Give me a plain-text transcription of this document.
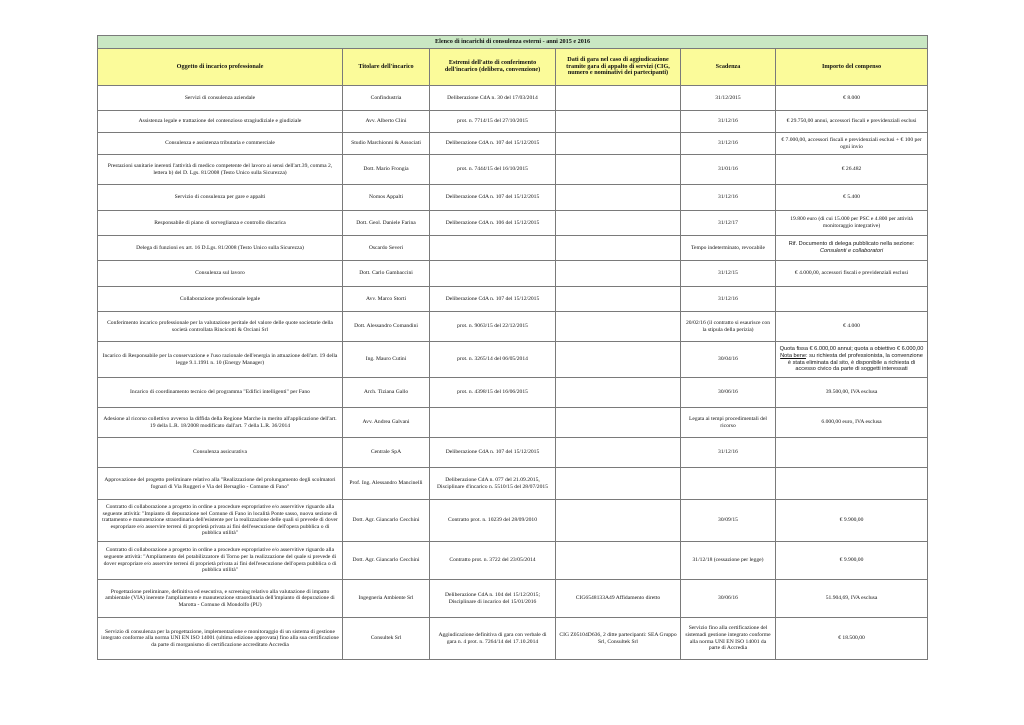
Elenco di incarichi di consulenza esterni - anni 2015 e 2016					
Oggetto di incarico professionale	Titolare dell'incarico	Estremi dell'atto di conferimento dell'incarico (delibera, convenzione)	Dati di gara nel caso di aggiudicazione tramite gara di appalto di servizi (CIG, numero e nominativi dei partecipanti)	Scadenza	Importo del compenso
Servizi di consulenza aziendale	Confindustria	Deliberazione CdA n. 30 del 17/03/2014		31/12/2015	€ 8.000
Assistenza legale e trattazione del contenzioso stragiudiziale e giudiziale	Avv. Alberto Clini	prot. n. 7714/15 del 27/10/2015		31/12/16	€ 29.750,00 annui, accessori fiscali e previdenziali esclusi
Consulenza e assistenza tributaria e commerciale	Studio Marchionni & Associati	Deliberazione CdA n. 107 del 15/12/2015		31/12/16	€ 7.000,00, accessori fiscali e previdenziali esclusi + € 100 per ogni invio
Prestazioni sanitarie inerenti l'attività di medico competente del lavoro ai sensi dell'art.39, comma 2, lettera b) del D. Lgs. 81/2008 (Testo Unico sulla Sicurezza)	Dott. Mario Frongia	prot. n. 7444/15 del 16/10/2015		31/01/16	€ 26.482
Servizio di consulenza per gare e appalti	Nomos Appalti	Deliberazione CdA n. 107 del 15/12/2015		31/12/16	€ 5.400
Responsabile di piano di sorveglianza e controllo discarica	Dott. Geol. Daniele Farina	Deliberazione CdA n. 106 del 15/12/2015		31/12/17	19.800 euro (di cui 15.000 per PSC e 4.800 per attività monitoraggio integrative)
Delega di funzioni ex art. 16 D.Lgs. 81/2008 (Testo Unico sulla Sicurezza)	Oscardo Severi			Tempo indeterminato, revocabile	Rif. Documento di delega pubblicato nella sezione:
Consulenti e collaboratori

Consulenza sul lavoro	Dott. Carlo Gambaccini			31/12/15	€ 4.000,00, accessori fiscali e previdenziali esclusi
Collaborazione professionale legale	Avv. Marco Storti	Deliberazione CdA n. 107 del 15/12/2015		31/12/16	
Conferimento incarico professionale per la valutazione peritale del valore delle quote societarie della società controllata Rincicotti & Orciani Srl	Dott. Alessandro Comandini	prot. n. 9063/15 del 22/12/2015		20/02/16 (il contratto si esaurisce con la stipula della perizia)	€ 4.000
Incarico di Responsabile per la conservazione e l'uso razionale dell'energia in attuazione dell'art. 19 della legge 9.1.1991 n. 10 (Energy Manager)	Ing. Mauro Cutini	prot. n. 3265/14 del 06/05/2014		30/04/16	Quota fissa € 6.000,00 annui; quota a obiettivo € 6.000,00
Nota bene: su richiesta del professionista, la convenzione è stata eliminata dal sito, è disponibile a richiesta di accesso civico da parte di soggetti interessati

Incarico di coordinamento tecnico del programma "Edifici intelligenti" per Fano	Arch. Tiziana Gallo	prot. n. 4398/15 del 16/06/2015		30/06/16	39.500,00, IVA esclusa
Adesione al ricorso collettivo avverso la diffida della Regione Marche in merito all'applicazione dell'art. 19 della L.R. 18/2008 modificato dall'art. 7 della L.R. 36/2014	Avv. Andrea Galvani			Legata ai tempi procedimentali del ricorso	6.000,00 euro, IVA esclusa
Consulenza assicurativa	Centrale SpA	Deliberazione CdA n. 107 del 15/12/2015		31/12/16	
Approvazione del progetto preliminare relativo alla "Realizzazione del prolungamento degli scolmatori fognari di Via Ruggeri e Via del Bersaglio - Comune di Fano"	Prof. Ing. Alessandro Mancinelli	Deliberazione CdA n. 077 del 21.09.2015, Disciplinare d'incarico n. 5510/15 del 28/07/2015			
Contratto di collaborazione a progetto in ordine a procedure espropriative e/o asservitive riguardo alla seguente attività: "Impianto di depurazione nel Comune di Fano in località Ponte sasso, nuova sezione di trattamento e manutenzione straordinaria dell'esistente per la realizzazione delle quali si prevede di dover espropriare e/o asservire terreni di proprietà privata ai fini dell'esecuzione dell'opera pubblica o di pubblica utilità"	Dott. Agr. Giancarlo Cecchini	Contratto prot. n. 10239 del 28/09/2010		30/09/15	€ 9.900,00
Contratto di collaborazione a progetto in ordine a procedure espropriative e/o asservitive riguardo alla seguente attività: "Ampliamento del potabilizzatore di Torno per la realizzazione del quale si prevede di dover espropriare e/o asservire terreni di proprietà privata ai fini dell'esecuzione dell'opera pubblica o di pubblica utilità"	Dott. Agr. Giancarlo Cecchini	Contratto prot. n. 3722 del 23/05/2014		31/12/18 (cessazione per legge)	€ 9.900,00
Progettazione preliminare, definitiva ed esecutiva, e screening relativo alla valutazione di impatto ambientale (VIA) inerente l'ampliamento e manutenzione straordinaria dell'impianto di depurazione di Marotta - Comune di Mondolfo (PU)	Ingegneria Ambiente Srl	Deliberazione CdA n. 104 del 15/12/2015; Disciplinare di incarico del 15/01/2016	CIG6548133A49 Affidamento diretto	30/06/16	51.904,69, IVA esclusa
Servizio di consulenza per la progettazione, implementazione e monitoraggio di un sistema di gestione integrato conforme alla norma UNI EN ISO 14001 (ultima edizione approvata) fino alla sua certificazione da parte di morganismo di certificazione accreditato Accredia	Consultek Srl	Aggiudicazione definitiva di gara con verbale di gara n. 4 prot. n. 7264/14 del 17.10.2014	CIG Z05104D636, 2 ditte partecipanti: SEA Gruppo Srl, Consultek Srl	Servizio fino alla certificazione del sistemadi gestione integrato conforme alla norma UNI EN ISO 14001 da parte di Accredia	€ 18.500,00
